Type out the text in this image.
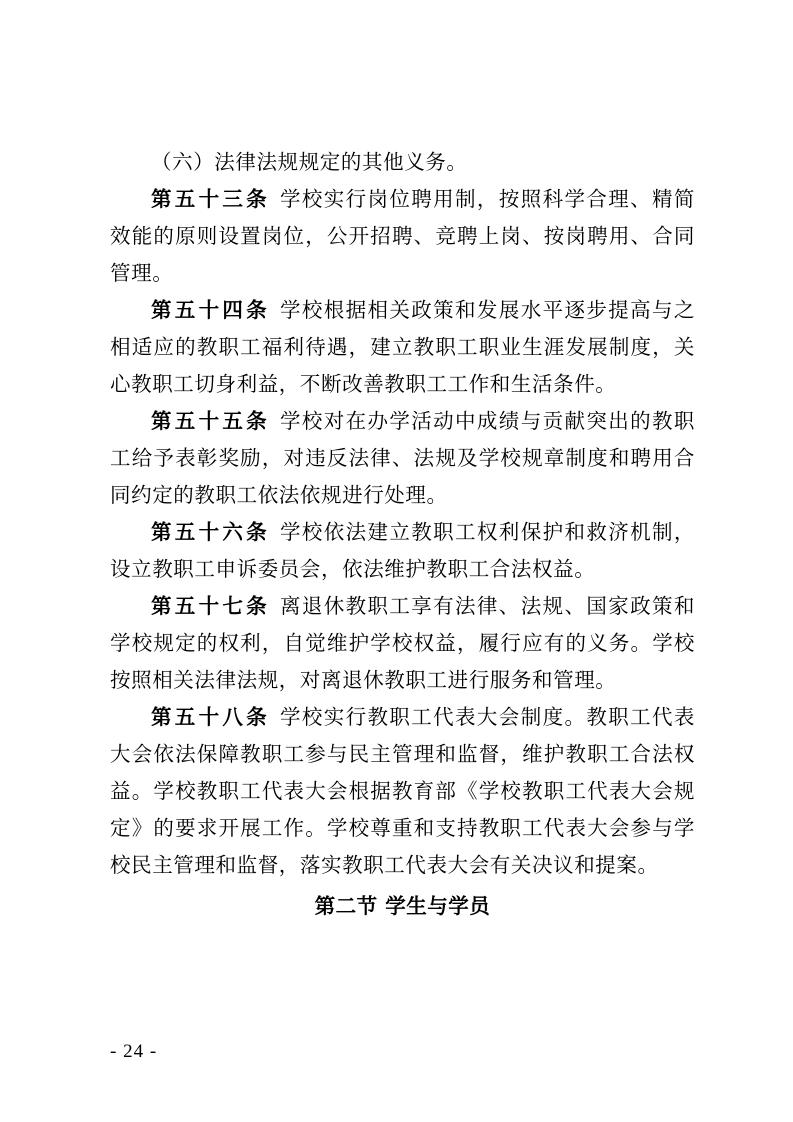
（六）法律法规规定的其他义务。

第五十三条 学校实行岗位聘用制，按照科学合理、精简效能的原则设置岗位，公开招聘、竞聘上岗、按岗聘用、合同管理。

第五十四条 学校根据相关政策和发展水平逐步提高与之相适应的教职工福利待遇，建立教职工职业生涯发展制度，关心教职工切身利益，不断改善教职工工作和生活条件。

第五十五条 学校对在办学活动中成绩与贡献突出的教职工给予表彰奖励，对违反法律、法规及学校规章制度和聘用合同约定的教职工依法依规进行处理。

第五十六条 学校依法建立教职工权利保护和救济机制，设立教职工申诉委员会，依法维护教职工合法权益。

第五十七条 离退休教职工享有法律、法规、国家政策和学校规定的权利，自觉维护学校权益，履行应有的义务。学校按照相关法律法规，对离退休教职工进行服务和管理。

第五十八条 学校实行教职工代表大会制度。教职工代表大会依法保障教职工参与民主管理和监督，维护教职工合法权益。学校教职工代表大会根据教育部《学校教职工代表大会规定》的要求开展工作。学校尊重和支持教职工代表大会参与学校民主管理和监督，落实教职工代表大会有关决议和提案。

第二节 学生与学员
- 24 -
